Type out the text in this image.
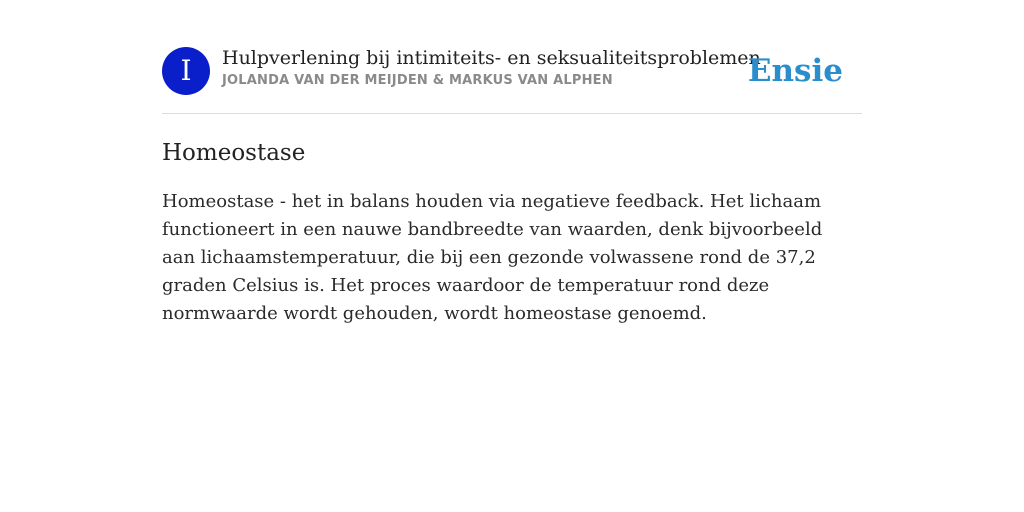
I	Hulpverlening bij intimiteits- en seksualiteitsproblemen
JOLANDA VAN DER MEIJDEN & MARKUS VAN ALPHEN	Ensie
Homeostase

Homeostase - het in balans houden via negatieve feedback. Het lichaam functioneert in een nauwe bandbreedte van waarden, denk bijvoorbeeld aan lichaamstemperatuur, die bij een gezonde volwassene rond de 37,2 graden Celsius is. Het proces waardoor de temperatuur rond deze normwaarde wordt gehouden, wordt homeostase genoemd.
